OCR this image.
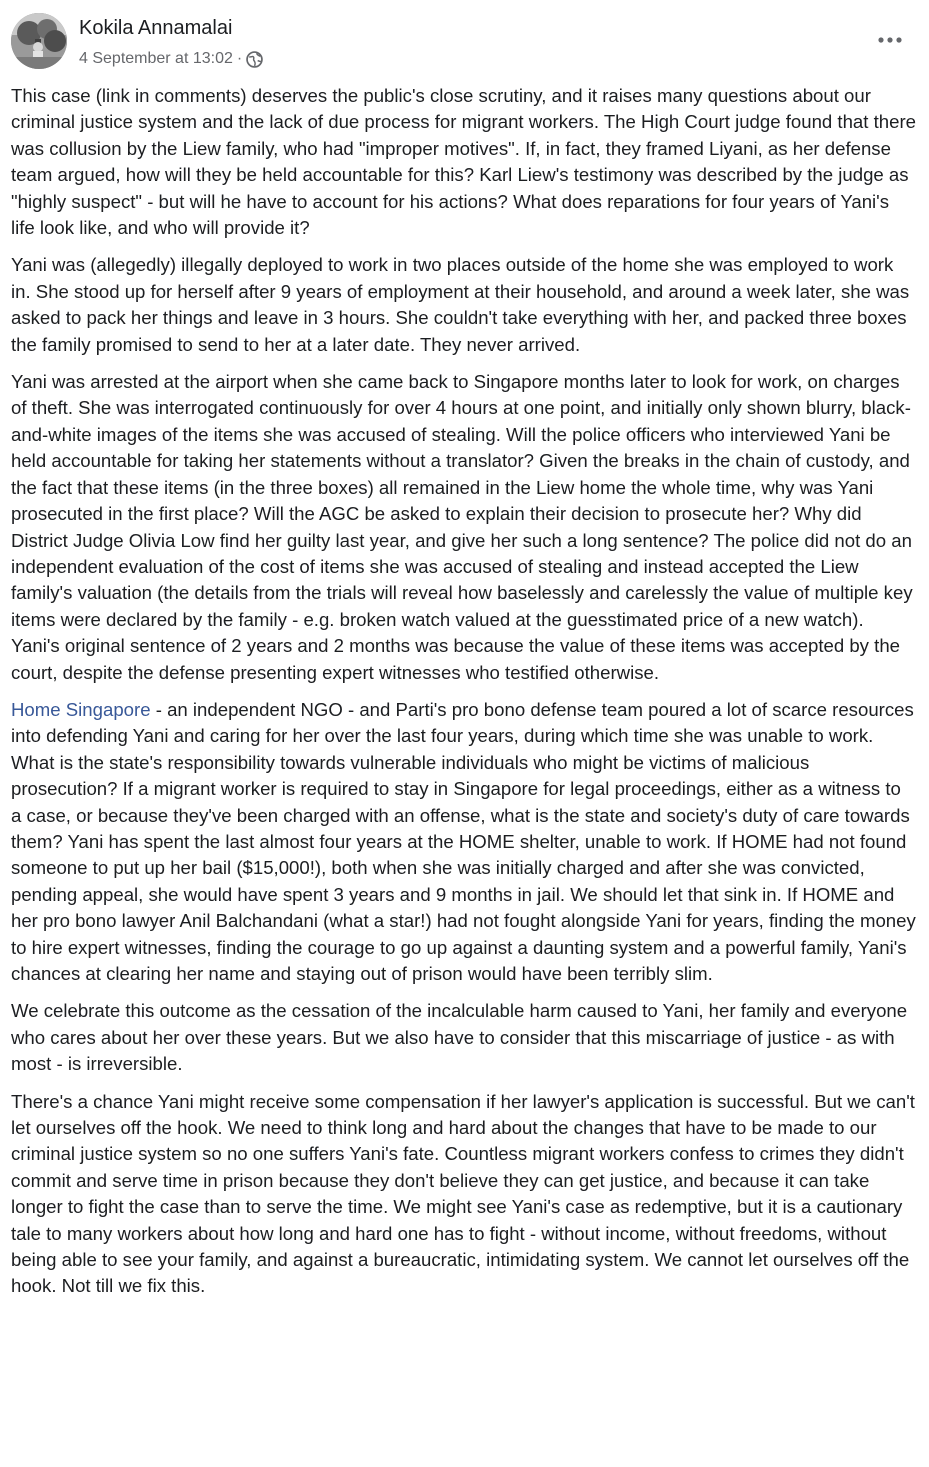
Kokila Annamalai
4 September at 13:02 ·

This case (link in comments) deserves the public's close scrutiny, and it raises many questions about our criminal justice system and the lack of due process for migrant workers. The High Court judge found that there was collusion by the Liew family, who had "improper motives". If, in fact, they framed Liyani, as her defense team argued, how will they be held accountable for this? Karl Liew's testimony was described by the judge as "highly suspect" - but will he have to account for his actions? What does reparations for four years of Yani's life look like, and who will provide it?

Yani was (allegedly) illegally deployed to work in two places outside of the home she was employed to work in. She stood up for herself after 9 years of employment at their household, and around a week later, she was asked to pack her things and leave in 3 hours. She couldn't take everything with her, and packed three boxes the family promised to send to her at a later date. They never arrived.

Yani was arrested at the airport when she came back to Singapore months later to look for work, on charges of theft. She was interrogated continuously for over 4 hours at one point, and initially only shown blurry, black-and-white images of the items she was accused of stealing. Will the police officers who interviewed Yani be held accountable for taking her statements without a translator? Given the breaks in the chain of custody, and the fact that these items (in the three boxes) all remained in the Liew home the whole time, why was Yani prosecuted in the first place? Will the AGC be asked to explain their decision to prosecute her? Why did District Judge Olivia Low find her guilty last year, and give her such a long sentence? The police did not do an independent evaluation of the cost of items she was accused of stealing and instead accepted the Liew family's valuation (the details from the trials will reveal how baselessly and carelessly the value of multiple key items were declared by the family - e.g. broken watch valued at the guesstimated price of a new watch). Yani's original sentence of 2 years and 2 months was because the value of these items was accepted by the court, despite the defense presenting expert witnesses who testified otherwise.

Home Singapore - an independent NGO - and Parti's pro bono defense team poured a lot of scarce resources into defending Yani and caring for her over the last four years, during which time she was unable to work. What is the state's responsibility towards vulnerable individuals who might be victims of malicious prosecution? If a migrant worker is required to stay in Singapore for legal proceedings, either as a witness to a case, or because they've been charged with an offense, what is the state and society's duty of care towards them? Yani has spent the last almost four years at the HOME shelter, unable to work. If HOME had not found someone to put up her bail ($15,000!), both when she was initially charged and after she was convicted, pending appeal, she would have spent 3 years and 9 months in jail. We should let that sink in. If HOME and her pro bono lawyer Anil Balchandani (what a star!) had not fought alongside Yani for years, finding the money to hire expert witnesses, finding the courage to go up against a daunting system and a powerful family, Yani's chances at clearing her name and staying out of prison would have been terribly slim.

We celebrate this outcome as the cessation of the incalculable harm caused to Yani, her family and everyone who cares about her over these years. But we also have to consider that this miscarriage of justice - as with most - is irreversible.

There's a chance Yani might receive some compensation if her lawyer's application is successful. But we can't let ourselves off the hook. We need to think long and hard about the changes that have to be made to our criminal justice system so no one suffers Yani's fate. Countless migrant workers confess to crimes they didn't commit and serve time in prison because they don't believe they can get justice, and because it can take longer to fight the case than to serve the time. We might see Yani's case as redemptive, but it is a cautionary tale to many workers about how long and hard one has to fight - without income, without freedoms, without being able to see your family, and against a bureaucratic, intimidating system. We cannot let ourselves off the hook. Not till we fix this.
